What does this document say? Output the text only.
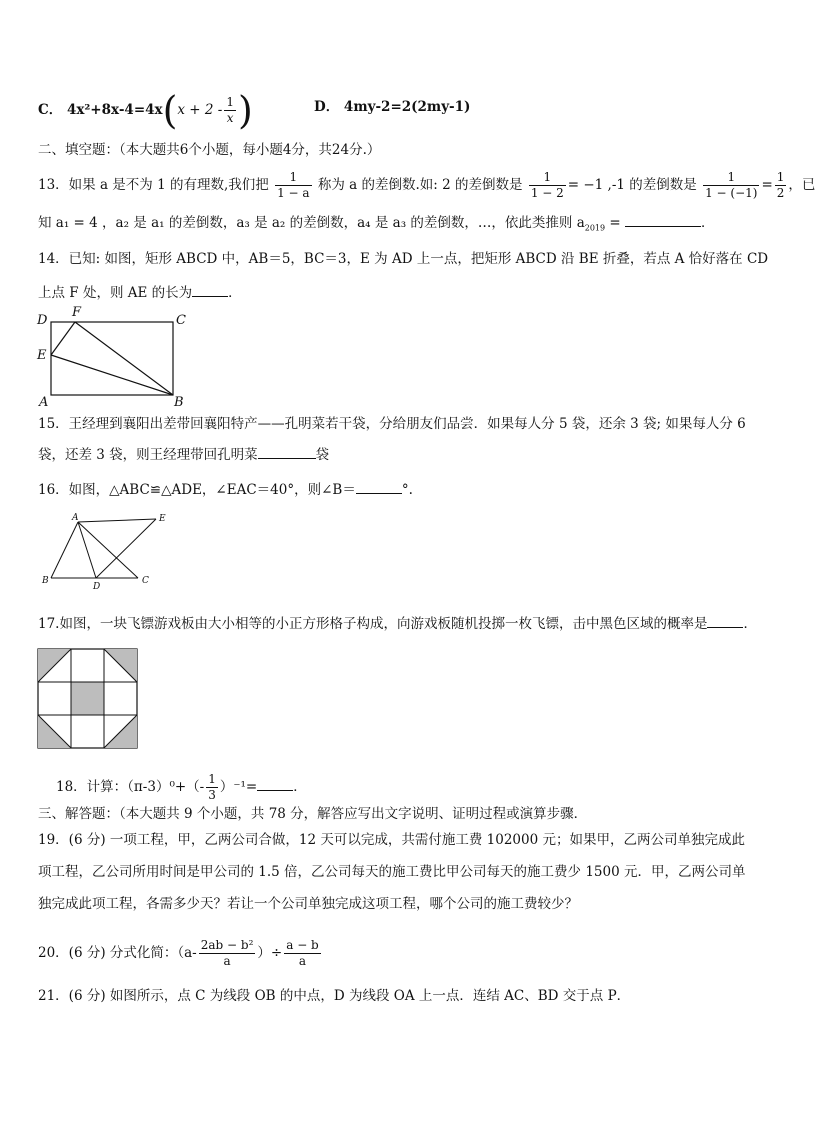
C． $4x^2+8x-4=4x(x + 2 - \frac{1}{x}$ )	D． 4my-2=2(2my-1)
二、填空题：（本大题共6个小题，每小题4分，共24分.）
13．如果 a 是不为 1 的有理数,我们把 $\frac{1}{1 - a}$ 称为 a 的差倒数.如: 2 的差倒数是 $\frac{1}{1 - 2} = -1$ ,-1 的差倒数是 $\frac{1}{1 - (-1)} = \frac{1}{2}$ ，已
知 a₁ = 4 ，a₂ 是 a₁ 的差倒数，a₃ 是 a₂ 的差倒数，a₄ 是 a₃ 的差倒数，…，依此类推则 $a_{2019}$ =	．
14．已知: 如图，矩形 ABCD 中，AB＝5，BC＝3，E 为 AD 上一点，把矩形 ABCD 沿 BE 折叠，若点 A 恰好落在 CD
上点 F 处，则 AE 的长为	．
D
F
C
E
A	B
15．王经理到襄阳出差带回襄阳特产——孔明菜若干袋，分给朋友们品尝．如果每人分 5 袋，还余 3 袋; 如果每人分 6
袋，还差 3 袋，则王经理带回孔明菜	袋
16．如图，△ABC≌△ADE，∠EAC＝40°，则∠B＝	°.
A	E
B
D
C
17.如图，一块飞镖游戏板由大小相等的小正方形格子构成，向游戏板随机投掷一枚飞镖，击中黑色区域的概率是	．
18．计算：$(\pi-3)^0+(- \frac{1}{3} )^{-1}=$	．
三、解答题：（本大题共 9 个小题，共 78 分，解答应写出文字说明、证明过程或演算步骤．
19．(6 分) 一项工程，甲，乙两公司合做，12 天可以完成，共需付施工费 102000 元；如果甲，乙两公司单独完成此
项工程，乙公司所用时间是甲公司的 1.5 倍，乙公司每天的施工费比甲公司每天的施工费少 1500 元．甲，乙两公司单
独完成此项工程，各需多少天？若让一个公司单独完成这项工程，哪个公司的施工费较少？
20．(6 分) 分式化简：（$a- \frac{\text{2ab − b²}}{a}$ ）÷ $\frac{a - b}{a}$
21．(6 分) 如图所示，点 C 为线段 OB 的中点，D 为线段 OA 上一点．连结 AC、BD 交于点 P．
